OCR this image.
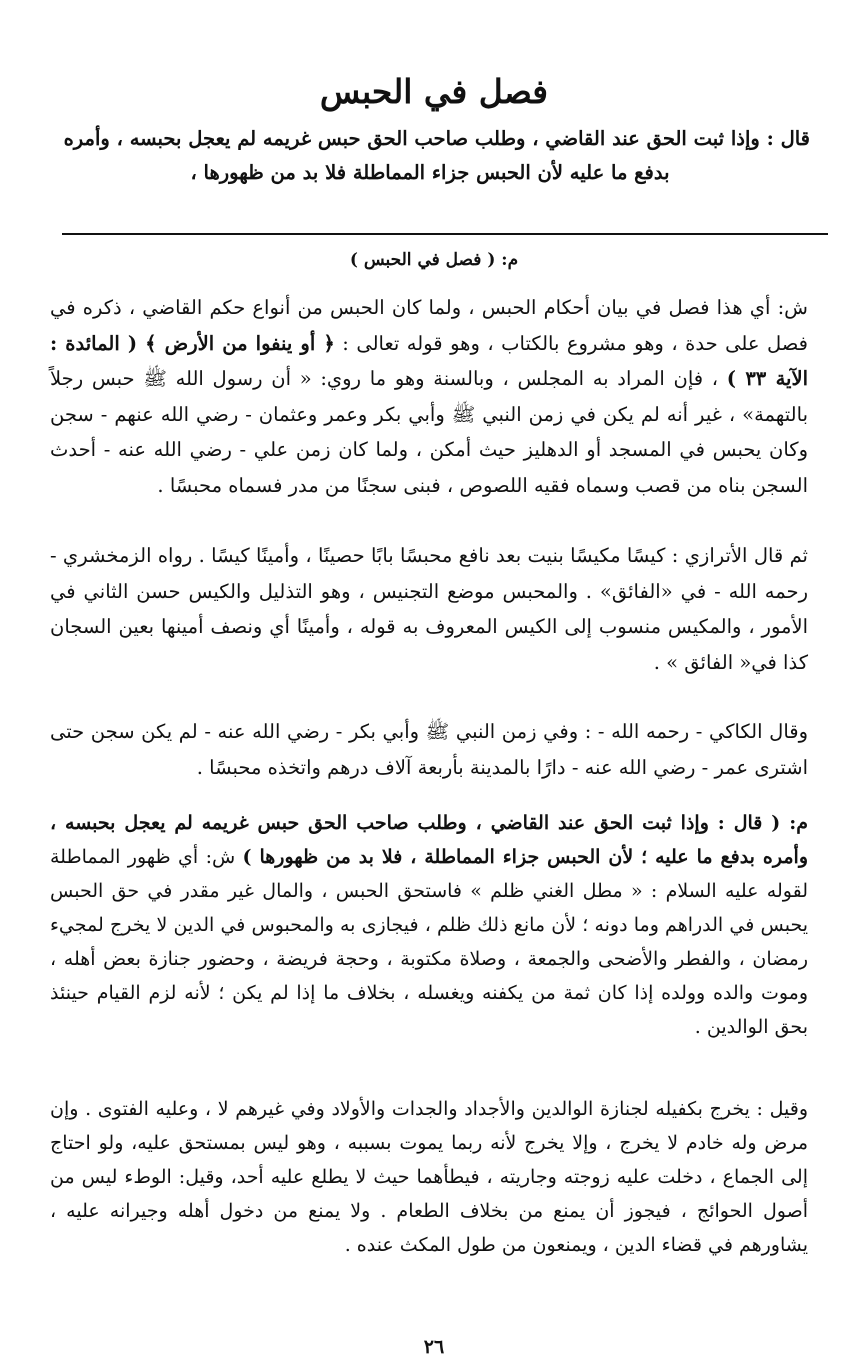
فصل في الحبس
قال : وإذا ثبت الحق عند القاضي ، وطلب صاحب الحق حبس غريمه لم يعجل بحبسه ، وأمره
بدفع ما عليه لأن الحبس جزاء المماطلة فلا بد من ظهورها ،
م: ( فصل في الحبس )
ش: أي هذا فصل في بيان أحكام الحبس ، ولما كان الحبس من أنواع حكم القاضي ، ذكره في فصل على حدة ، وهو مشروع بالكتاب ، وهو قوله تعالى : ﴿ أو ينفوا من الأرض ﴾ ( المائدة : الآية ٣٣ ) ، فإن المراد به المجلس ، وبالسنة وهو ما روي: « أن رسول الله ﷺ حبس رجلاً بالتهمة» ، غير أنه لم يكن في زمن النبي ﷺ وأبي بكر وعمر وعثمان - رضي الله عنهم - سجن وكان يحبس في المسجد أو الدهليز حيث أمكن ، ولما كان زمن علي - رضي الله عنه - أحدث السجن بناه من قصب وسماه فقيه اللصوص ، فبنى سجنًا من مدر فسماه محبسًا .
ثم قال الأترازي : كيسًا مكيسًا بنيت بعد نافع محبسًا بابًا حصينًا ، وأمينًا كيسًا . رواه الزمخشري - رحمه الله - في «الفائق» . والمحبس موضع التجنيس ، وهو التذليل والكيس حسن الثاني في الأمور ، والمكيس منسوب إلى الكيس المعروف به قوله ، وأمينًا أي ونصف أمينها بعين السجان كذا في« الفائق » .
وقال الكاكي - رحمه الله - : وفي زمن النبي ﷺ وأبي بكر - رضي الله عنه - لم يكن سجن حتى اشترى عمر - رضي الله عنه - دارًا بالمدينة بأربعة آلاف درهم واتخذه محبسًا .
م: ( قال : وإذا ثبت الحق عند القاضي ، وطلب صاحب الحق حبس غريمه لم يعجل بحبسه ، وأمره بدفع ما عليه ؛ لأن الحبس جزاء المماطلة ، فلا بد من ظهورها ) ش: أي ظهور المماطلة لقوله عليه السلام : « مطل الغني ظلم » فاستحق الحبس ، والمال غير مقدر في حق الحبس يحبس في الدراهم وما دونه ؛ لأن مانع ذلك ظلم ، فيجازى به والمحبوس في الدين لا يخرج لمجيء رمضان ، والفطر والأضحى والجمعة ، وصلاة مكتوبة ، وحجة فريضة ، وحضور جنازة بعض أهله ، وموت والده وولده إذا كان ثمة من يكفنه ويغسله ، بخلاف ما إذا لم يكن ؛ لأنه لزم القيام حينئذ بحق الوالدين .
وقيل : يخرج بكفيله لجنازة الوالدين والأجداد والجدات والأولاد وفي غيرهم لا ، وعليه الفتوى . وإن مرض وله خادم لا يخرج ، وإلا يخرج لأنه ربما يموت بسببه ، وهو ليس بمستحق عليه، ولو احتاج إلى الجماع ، دخلت عليه زوجته وجاريته ، فيطأهما حيث لا يطلع عليه أحد، وقيل: الوطء ليس من أصول الحوائج ، فيجوز أن يمنع من بخلاف الطعام . ولا يمنع من دخول أهله وجيرانه عليه ، يشاورهم في قضاء الدين ، ويمنعون من طول المكث عنده .
٢٦
